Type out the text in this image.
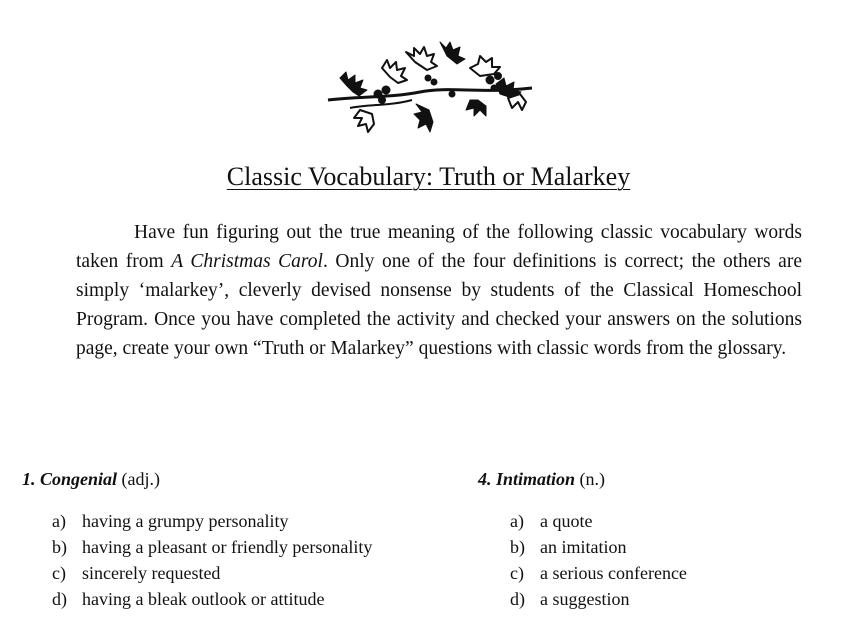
Classic Vocabulary: Truth or Malarkey

Have fun figuring out the true meaning of the following classic vocabulary words taken from A Christmas Carol. Only one of the four definitions is correct; the others are simply ‘malarkey’, cleverly devised nonsense by students of the Classical Homeschool Program. Once you have completed the activity and checked your answers on the solutions page, create your own “Truth or Malarkey” questions with classic words from the glossary.

1. Congenial (adj.)

a) having a grumpy personality
b) having a pleasant or friendly personality
c) sincerely requested
d) having a bleak outlook or attitude

4. Intimation (n.)

a) a quote
b) an imitation
c) a serious conference
d) a suggestion
